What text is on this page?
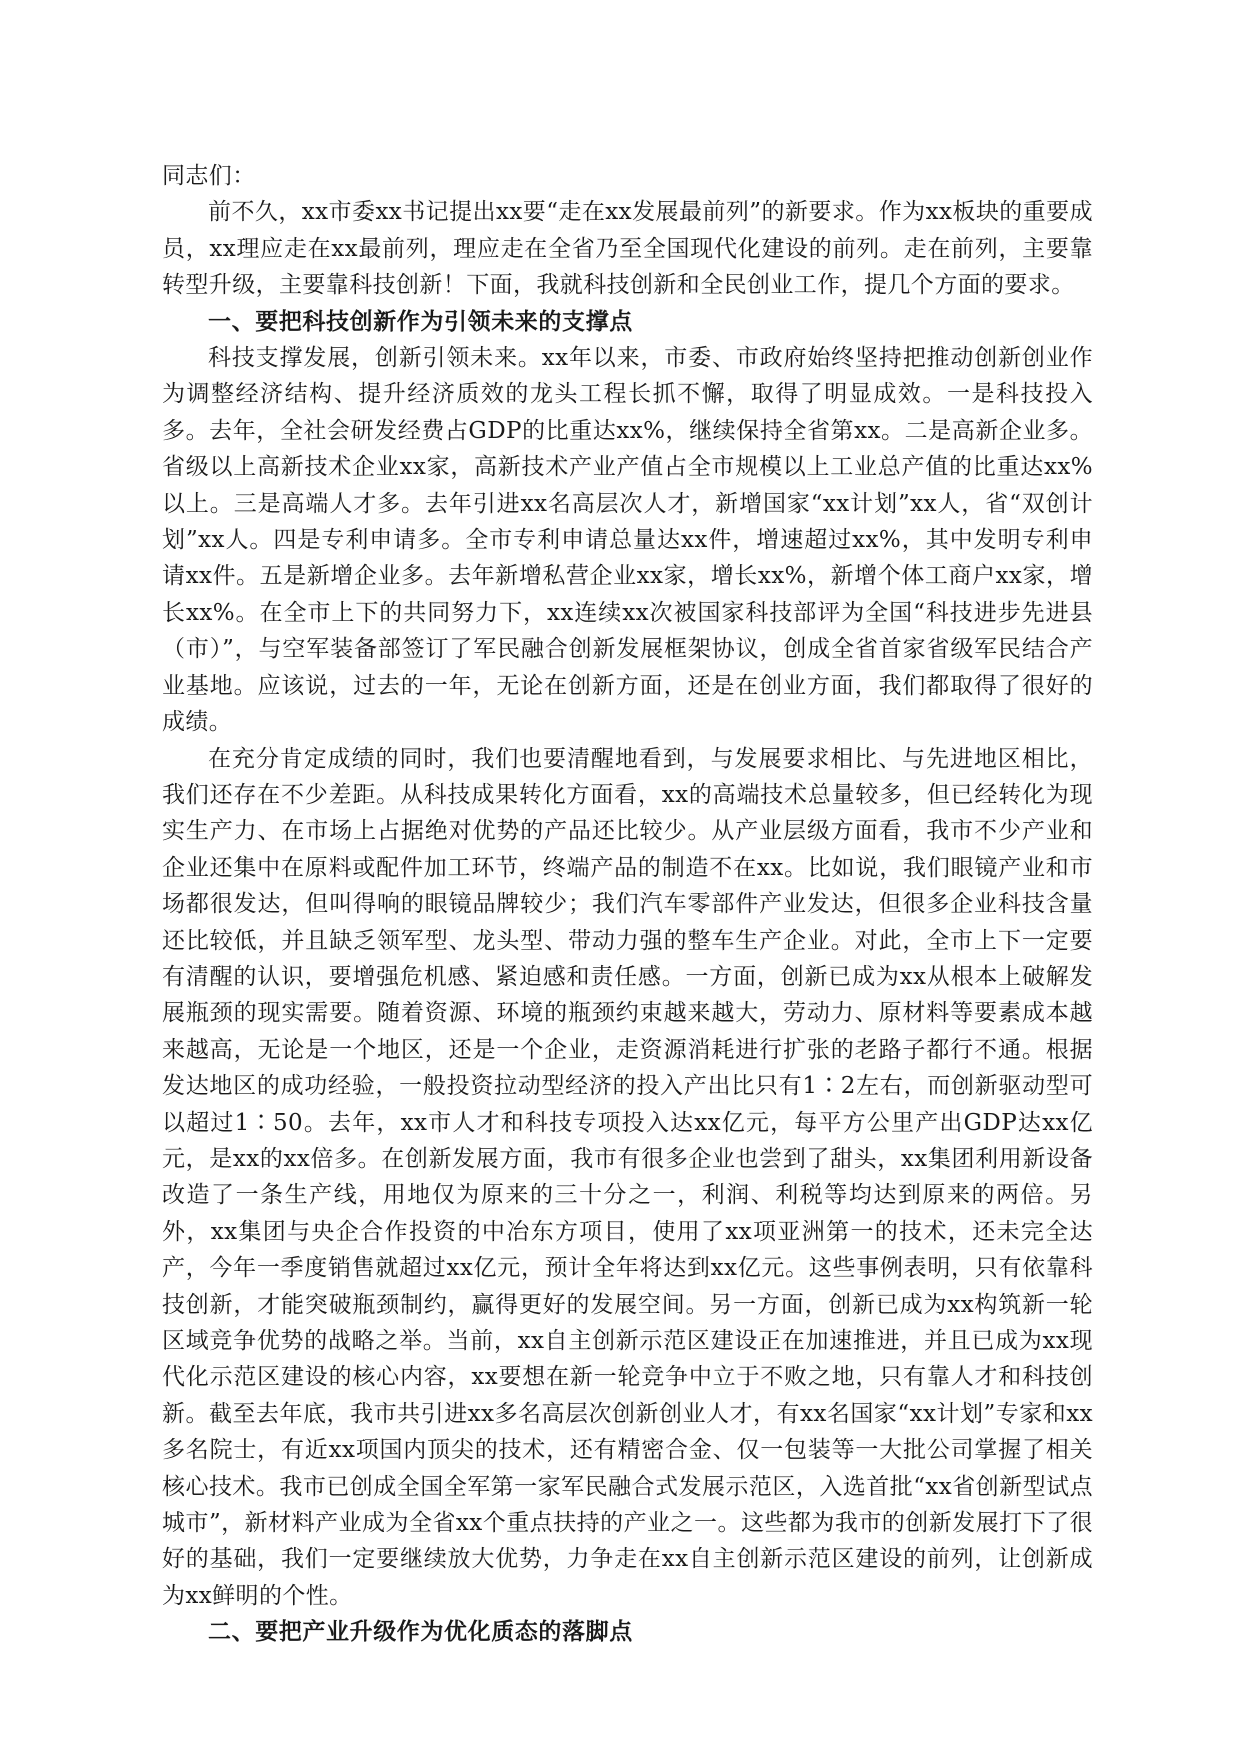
同志们：

前不久，xx市委xx书记提出xx要“走在xx发展最前列”的新要求。作为xx板块的重要成员，xx理应走在xx最前列，理应走在全省乃至全国现代化建设的前列。走在前列，主要靠转型升级，主要靠科技创新！下面，我就科技创新和全民创业工作，提几个方面的要求。

一、要把科技创新作为引领未来的支撑点

科技支撑发展，创新引领未来。xx年以来，市委、市政府始终坚持把推动创新创业作为调整经济结构、提升经济质效的龙头工程长抓不懈，取得了明显成效。一是科技投入多。去年，全社会研发经费占GDP的比重达xx%，继续保持全省第xx。二是高新企业多。省级以上高新技术企业xx家，高新技术产业产值占全市规模以上工业总产值的比重达xx%以上。三是高端人才多。去年引进xx名高层次人才，新增国家“xx计划”xx人，省“双创计划”xx人。四是专利申请多。全市专利申请总量达xx件，增速超过xx%，其中发明专利申请xx件。五是新增企业多。去年新增私营企业xx家，增长xx%，新增个体工商户xx家，增长xx%。在全市上下的共同努力下，xx连续xx次被国家科技部评为全国“科技进步先进县（市）”，与空军装备部签订了军民融合创新发展框架协议，创成全省首家省级军民结合产业基地。应该说，过去的一年，无论在创新方面，还是在创业方面，我们都取得了很好的成绩。

在充分肯定成绩的同时，我们也要清醒地看到，与发展要求相比、与先进地区相比，我们还存在不少差距。从科技成果转化方面看，xx的高端技术总量较多，但已经转化为现实生产力、在市场上占据绝对优势的产品还比较少。从产业层级方面看，我市不少产业和企业还集中在原料或配件加工环节，终端产品的制造不在xx。比如说，我们眼镜产业和市场都很发达，但叫得响的眼镜品牌较少；我们汽车零部件产业发达，但很多企业科技含量还比较低，并且缺乏领军型、龙头型、带动力强的整车生产企业。对此，全市上下一定要有清醒的认识，要增强危机感、紧迫感和责任感。一方面，创新已成为xx从根本上破解发展瓶颈的现实需要。随着资源、环境的瓶颈约束越来越大，劳动力、原材料等要素成本越来越高，无论是一个地区，还是一个企业，走资源消耗进行扩张的老路子都行不通。根据发达地区的成功经验，一般投资拉动型经济的投入产出比只有1∶2左右，而创新驱动型可以超过1∶50。去年，xx市人才和科技专项投入达xx亿元，每平方公里产出GDP达xx亿元，是xx的xx倍多。在创新发展方面，我市有很多企业也尝到了甜头，xx集团利用新设备改造了一条生产线，用地仅为原来的三十分之一，利润、利税等均达到原来的两倍。另外，xx集团与央企合作投资的中冶东方项目，使用了xx项亚洲第一的技术，还未完全达产，今年一季度销售就超过xx亿元，预计全年将达到xx亿元。这些事例表明，只有依靠科技创新，才能突破瓶颈制约，赢得更好的发展空间。另一方面，创新已成为xx构筑新一轮区域竞争优势的战略之举。当前，xx自主创新示范区建设正在加速推进，并且已成为xx现代化示范区建设的核心内容，xx要想在新一轮竞争中立于不败之地，只有靠人才和科技创新。截至去年底，我市共引进xx多名高层次创新创业人才，有xx名国家“xx计划”专家和xx多名院士，有近xx项国内顶尖的技术，还有精密合金、仅一包装等一大批公司掌握了相关核心技术。我市已创成全国全军第一家军民融合式发展示范区，入选首批“xx省创新型试点城市”，新材料产业成为全省xx个重点扶持的产业之一。这些都为我市的创新发展打下了很好的基础，我们一定要继续放大优势，力争走在xx自主创新示范区建设的前列，让创新成为xx鲜明的个性。

二、要把产业升级作为优化质态的落脚点
